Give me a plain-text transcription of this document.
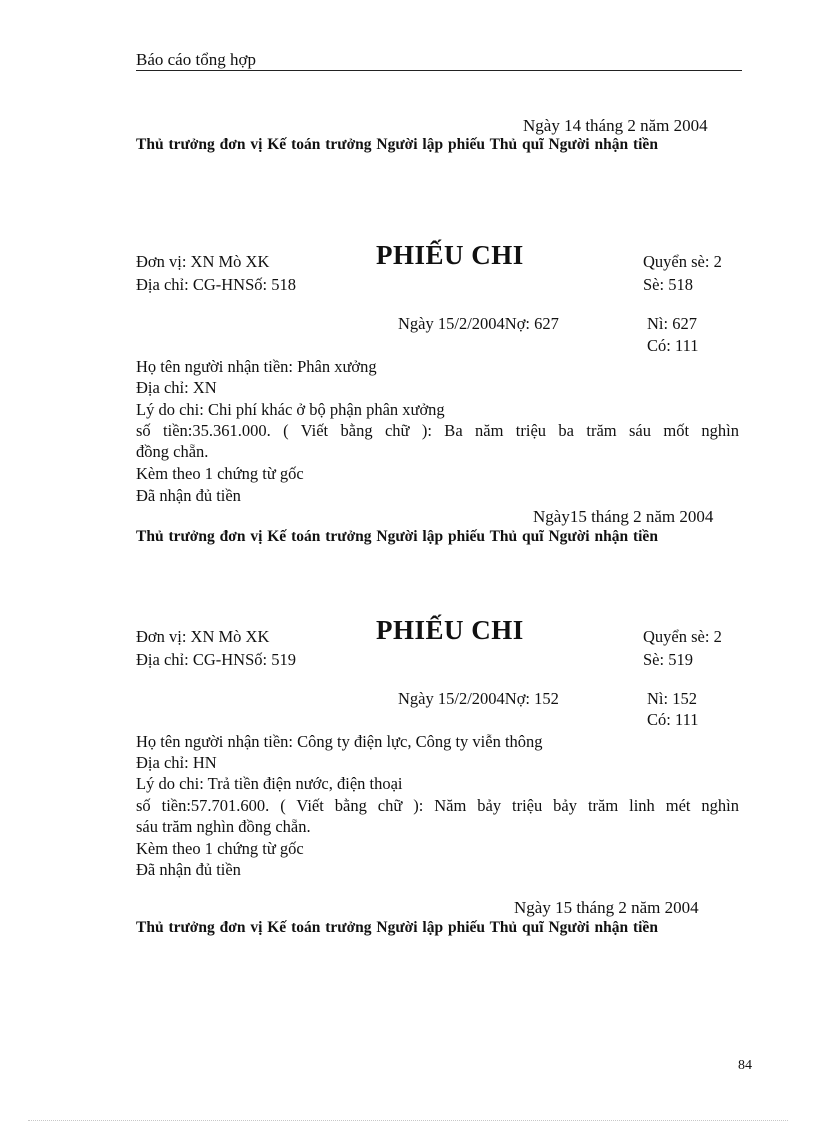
Báo cáo tổng hợp
Ngày 14 tháng 2 năm 2004
Thủ trưởng đơn vị Kế toán trưởng Người lập phiếu Thủ quĩ Người nhận tiền
Đơn vị: XN Mò XK	PHIẾU CHI	Quyển sè: 2
Địa chỉ: CG-HNSố: 518	Sè: 518
Ngày 15/2/2004Nợ: 627	Nì: 627
Có: 111
Họ tên người nhận tiền: Phân xưởng
Địa chỉ: XN
Lý do chi: Chi phí khác ở bộ phận phân xưởng
số tiền:35.361.000. ( Viết bằng chữ ): Ba năm triệu ba trăm sáu mốt nghìn
đồng chẵn.
Kèm theo 1 chứng từ gốc
Đã nhận đủ tiền
Ngày15 tháng 2 năm 2004
Thủ trưởng đơn vị Kế toán trưởng Người lập phiếu Thủ quĩ Người nhận tiền
Đơn vị: XN Mò XK	PHIẾU CHI	Quyển sè: 2
Địa chỉ: CG-HNSố: 519	Sè: 519
Ngày 15/2/2004Nợ: 152	Nì: 152
Có: 111
Họ tên người nhận tiền: Công ty điện lực, Công ty viễn thông
Địa chỉ: HN
Lý do chi: Trả tiền điện nước, điện thoại
số tiền:57.701.600. ( Viết bằng chữ ): Năm bảy triệu bảy trăm linh mét nghìn
sáu trăm nghìn đồng chẵn.
Kèm theo 1 chứng từ gốc
Đã nhận đủ tiền
Ngày 15 tháng 2 năm 2004
Thủ trưởng đơn vị Kế toán trưởng Người lập phiếu Thủ quĩ Người nhận tiền
84
